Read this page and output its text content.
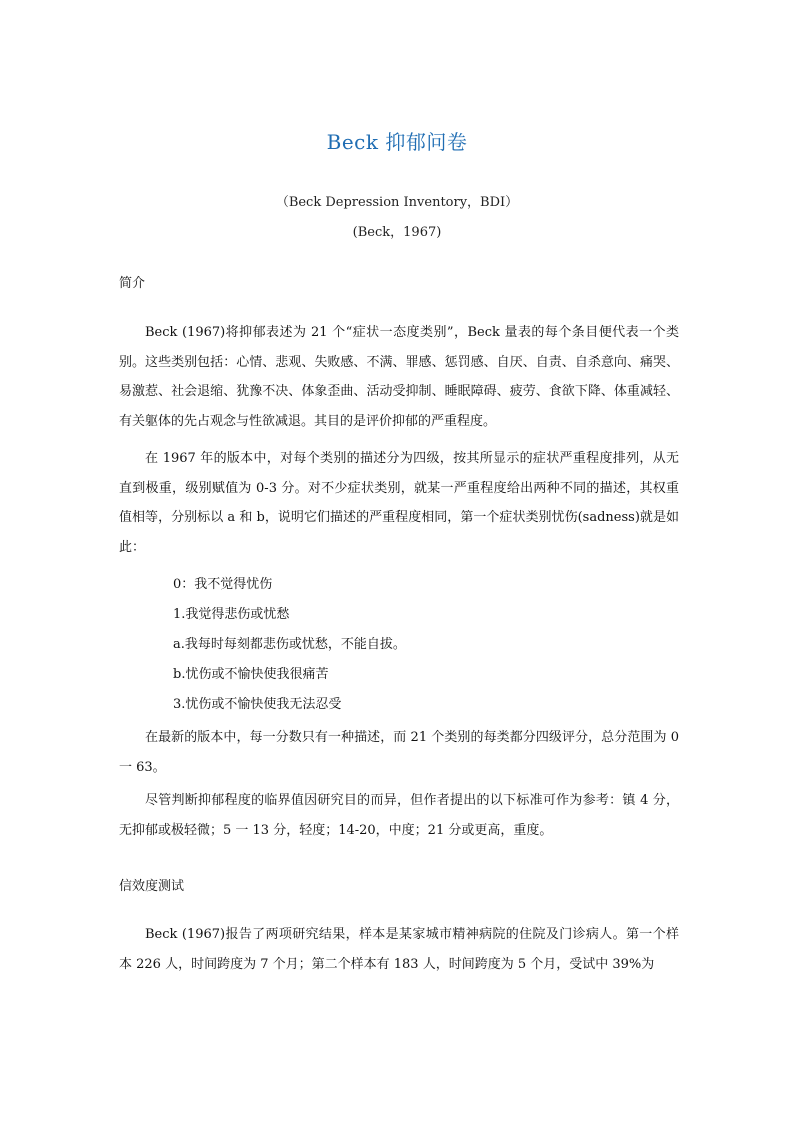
Beck 抑郁问卷
（Beck Depression Inventory，BDI）
(Beck，1967)
简介
Beck (1967)将抑郁表述为 21 个“症状一态度类别”，Beck 量表的每个条目便代表一个类别。这些类别包括：心情、悲观、失败感、不满、罪感、惩罚感、自厌、自责、自杀意向、痛哭、易激惹、社会退缩、犹豫不决、体象歪曲、活动受抑制、睡眠障碍、疲劳、食欲下降、体重减轻、有关躯体的先占观念与性欲减退。其目的是评价抑郁的严重程度。
在 1967 年的版本中，对每个类别的描述分为四级，按其所显示的症状严重程度排列，从无直到极重，级别赋值为 0-3 分。对不少症状类别，就某一严重程度给出两种不同的描述，其权重值相等，分别标以 a 和 b，说明它们描述的严重程度相同，第一个症状类别忧伤(sadness)就是如此：
0：我不觉得忧伤
1.我觉得悲伤或忧愁
a.我每时每刻都悲伤或忧愁，不能自拔。
b.忧伤或不愉快使我很痛苦
3.忧伤或不愉快使我无法忍受
在最新的版本中，每一分数只有一种描述，而 21 个类别的每类都分四级评分，总分范围为 0 一 63。
尽管判断抑郁程度的临界值因研究目的而异，但作者提出的以下标准可作为参考：镇 4 分，无抑郁或极轻微；5 一 13 分，轻度；14-20，中度；21 分或更高，重度。
信效度测试
Beck (1967)报告了两项研究结果，样本是某家城市精神病院的住院及门诊病人。第一个样本 226 人，时间跨度为 7 个月；第二个样本有 183 人，时间跨度为 5 个月，受试中 39%为
